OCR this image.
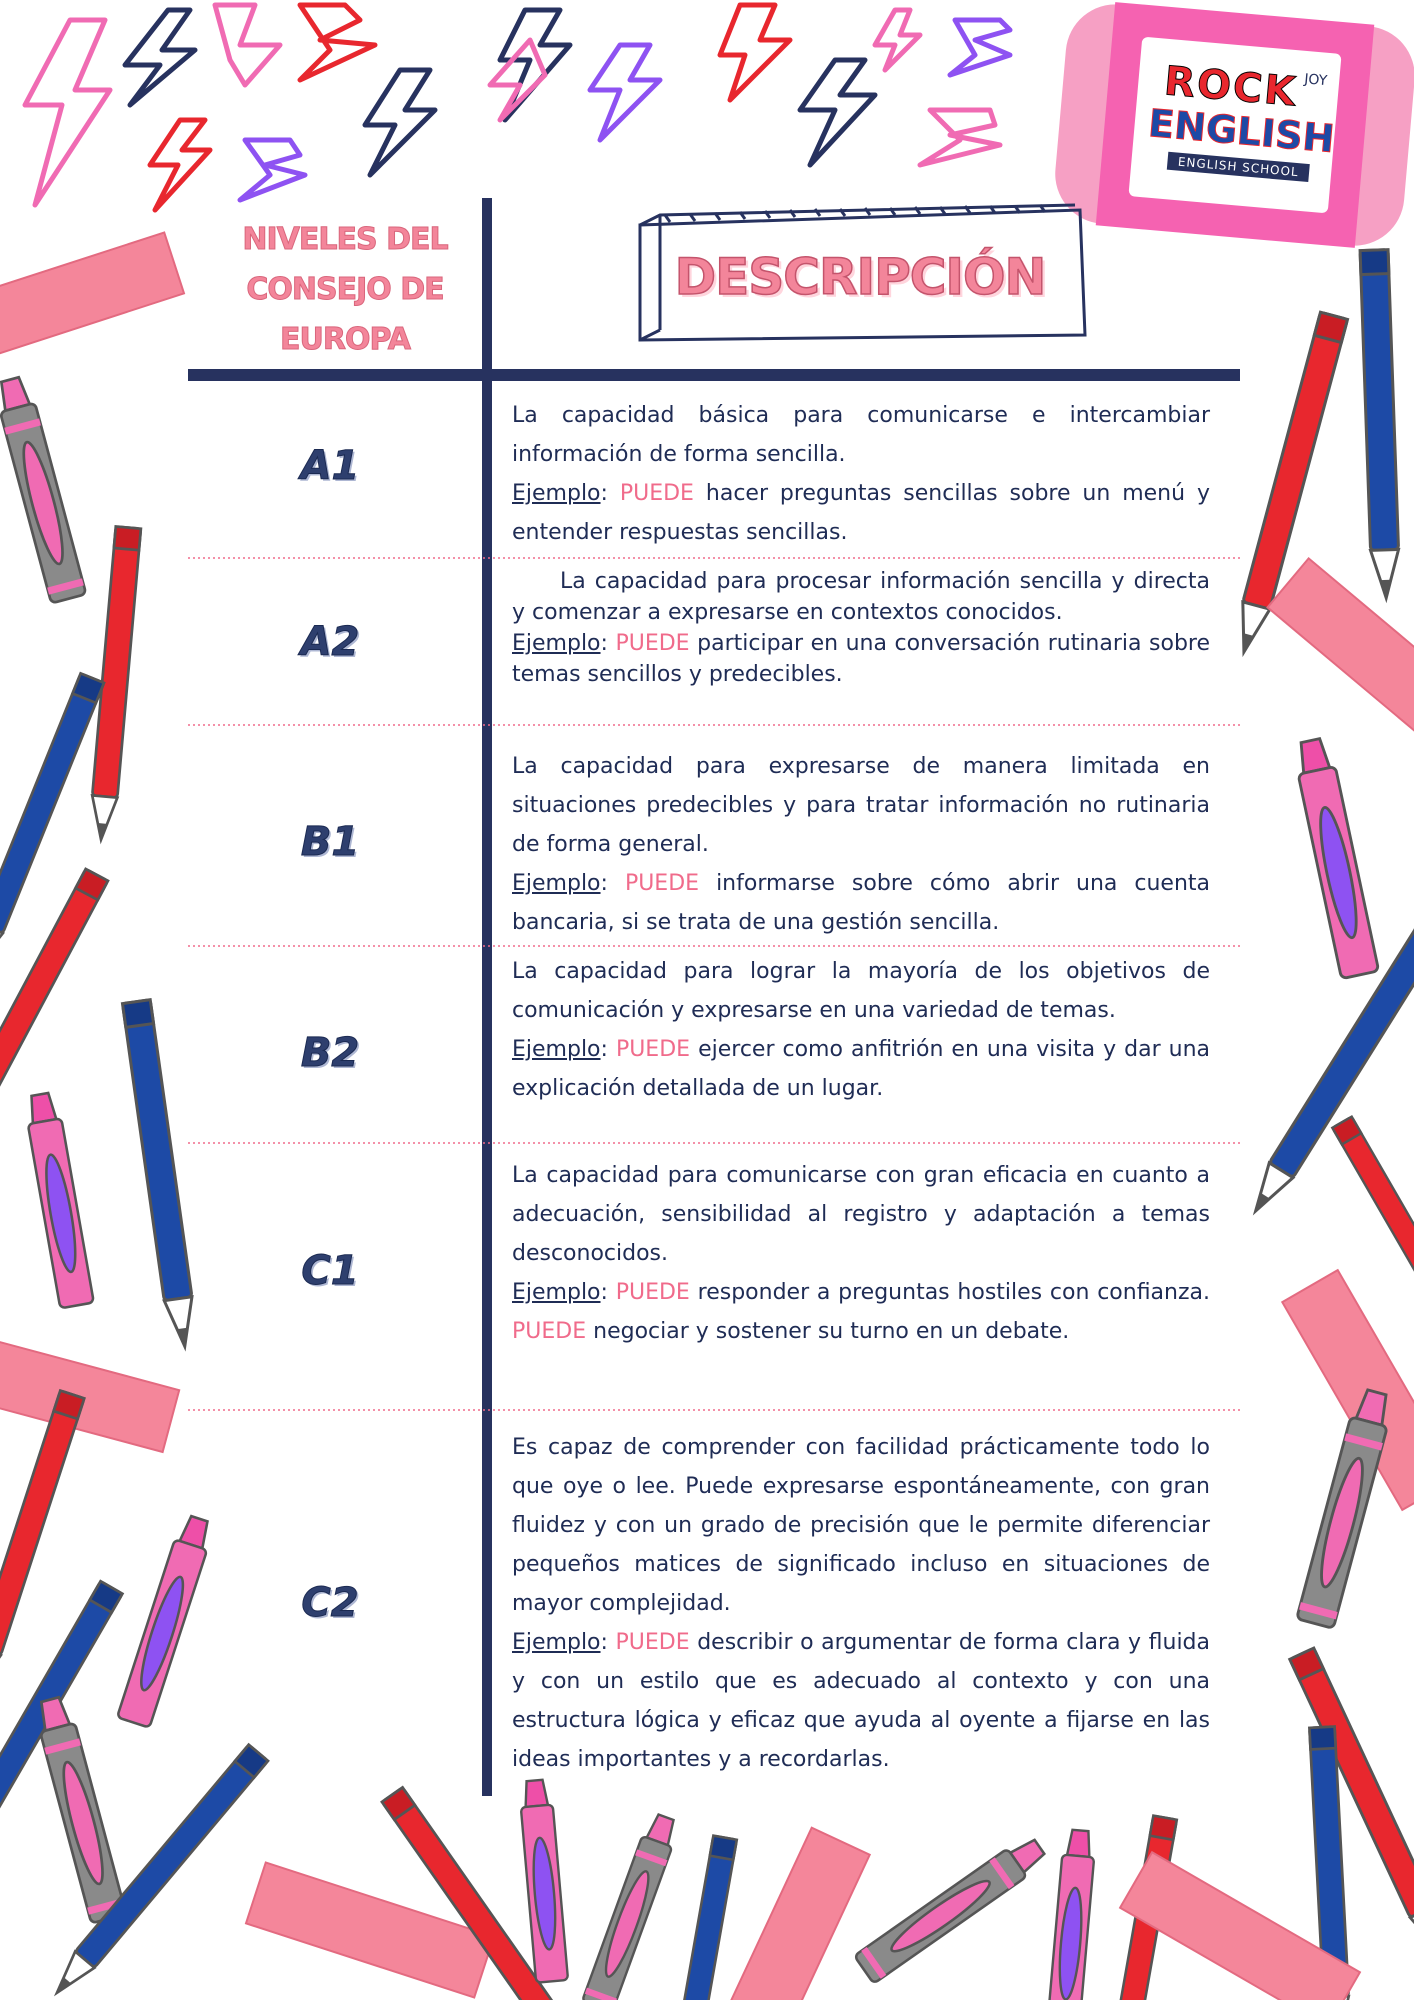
ROCK JOY
ENGLISH
ENGLISH SCHOOL
NIVELES DEL
CONSEJO DE
EUROPA
DESCRIPCIÓN
A1
A2
B1
B2
C1
C2

La capacidad básica para comunicarse e intercambiar información de forma sencilla.

Ejemplo: PUEDE hacer preguntas sencillas sobre un menú y entender respuestas sencillas.

La capacidad para procesar información sencilla y directa y comenzar a expresarse en contextos conocidos.

Ejemplo: PUEDE participar en una conversación rutinaria sobre temas sencillos y predecibles.

La capacidad para expresarse de manera limitada en situaciones predecibles y para tratar información no rutinaria de forma general.

Ejemplo: PUEDE informarse sobre cómo abrir una cuenta bancaria, si se trata de una gestión sencilla.

La capacidad para lograr la mayoría de los objetivos de comunicación y expresarse en una variedad de temas.

Ejemplo: PUEDE ejercer como anfitrión en una visita y dar una explicación detallada de un lugar.

La capacidad para comunicarse con gran eficacia en cuanto a adecuación, sensibilidad al registro y adaptación a temas desconocidos.

Ejemplo: PUEDE responder a preguntas hostiles con confianza. PUEDE negociar y sostener su turno en un debate.

Es capaz de comprender con facilidad prácticamente todo lo que oye o lee. Puede expresarse espontáneamente, con gran fluidez y con un grado de precisión que le permite diferenciar pequeños matices de significado incluso en situaciones de mayor complejidad.

Ejemplo: PUEDE describir o argumentar de forma clara y fluida y con un estilo que es adecuado al contexto y con una estructura lógica y eficaz que ayuda al oyente a fijarse en las ideas importantes y a recordarlas.
